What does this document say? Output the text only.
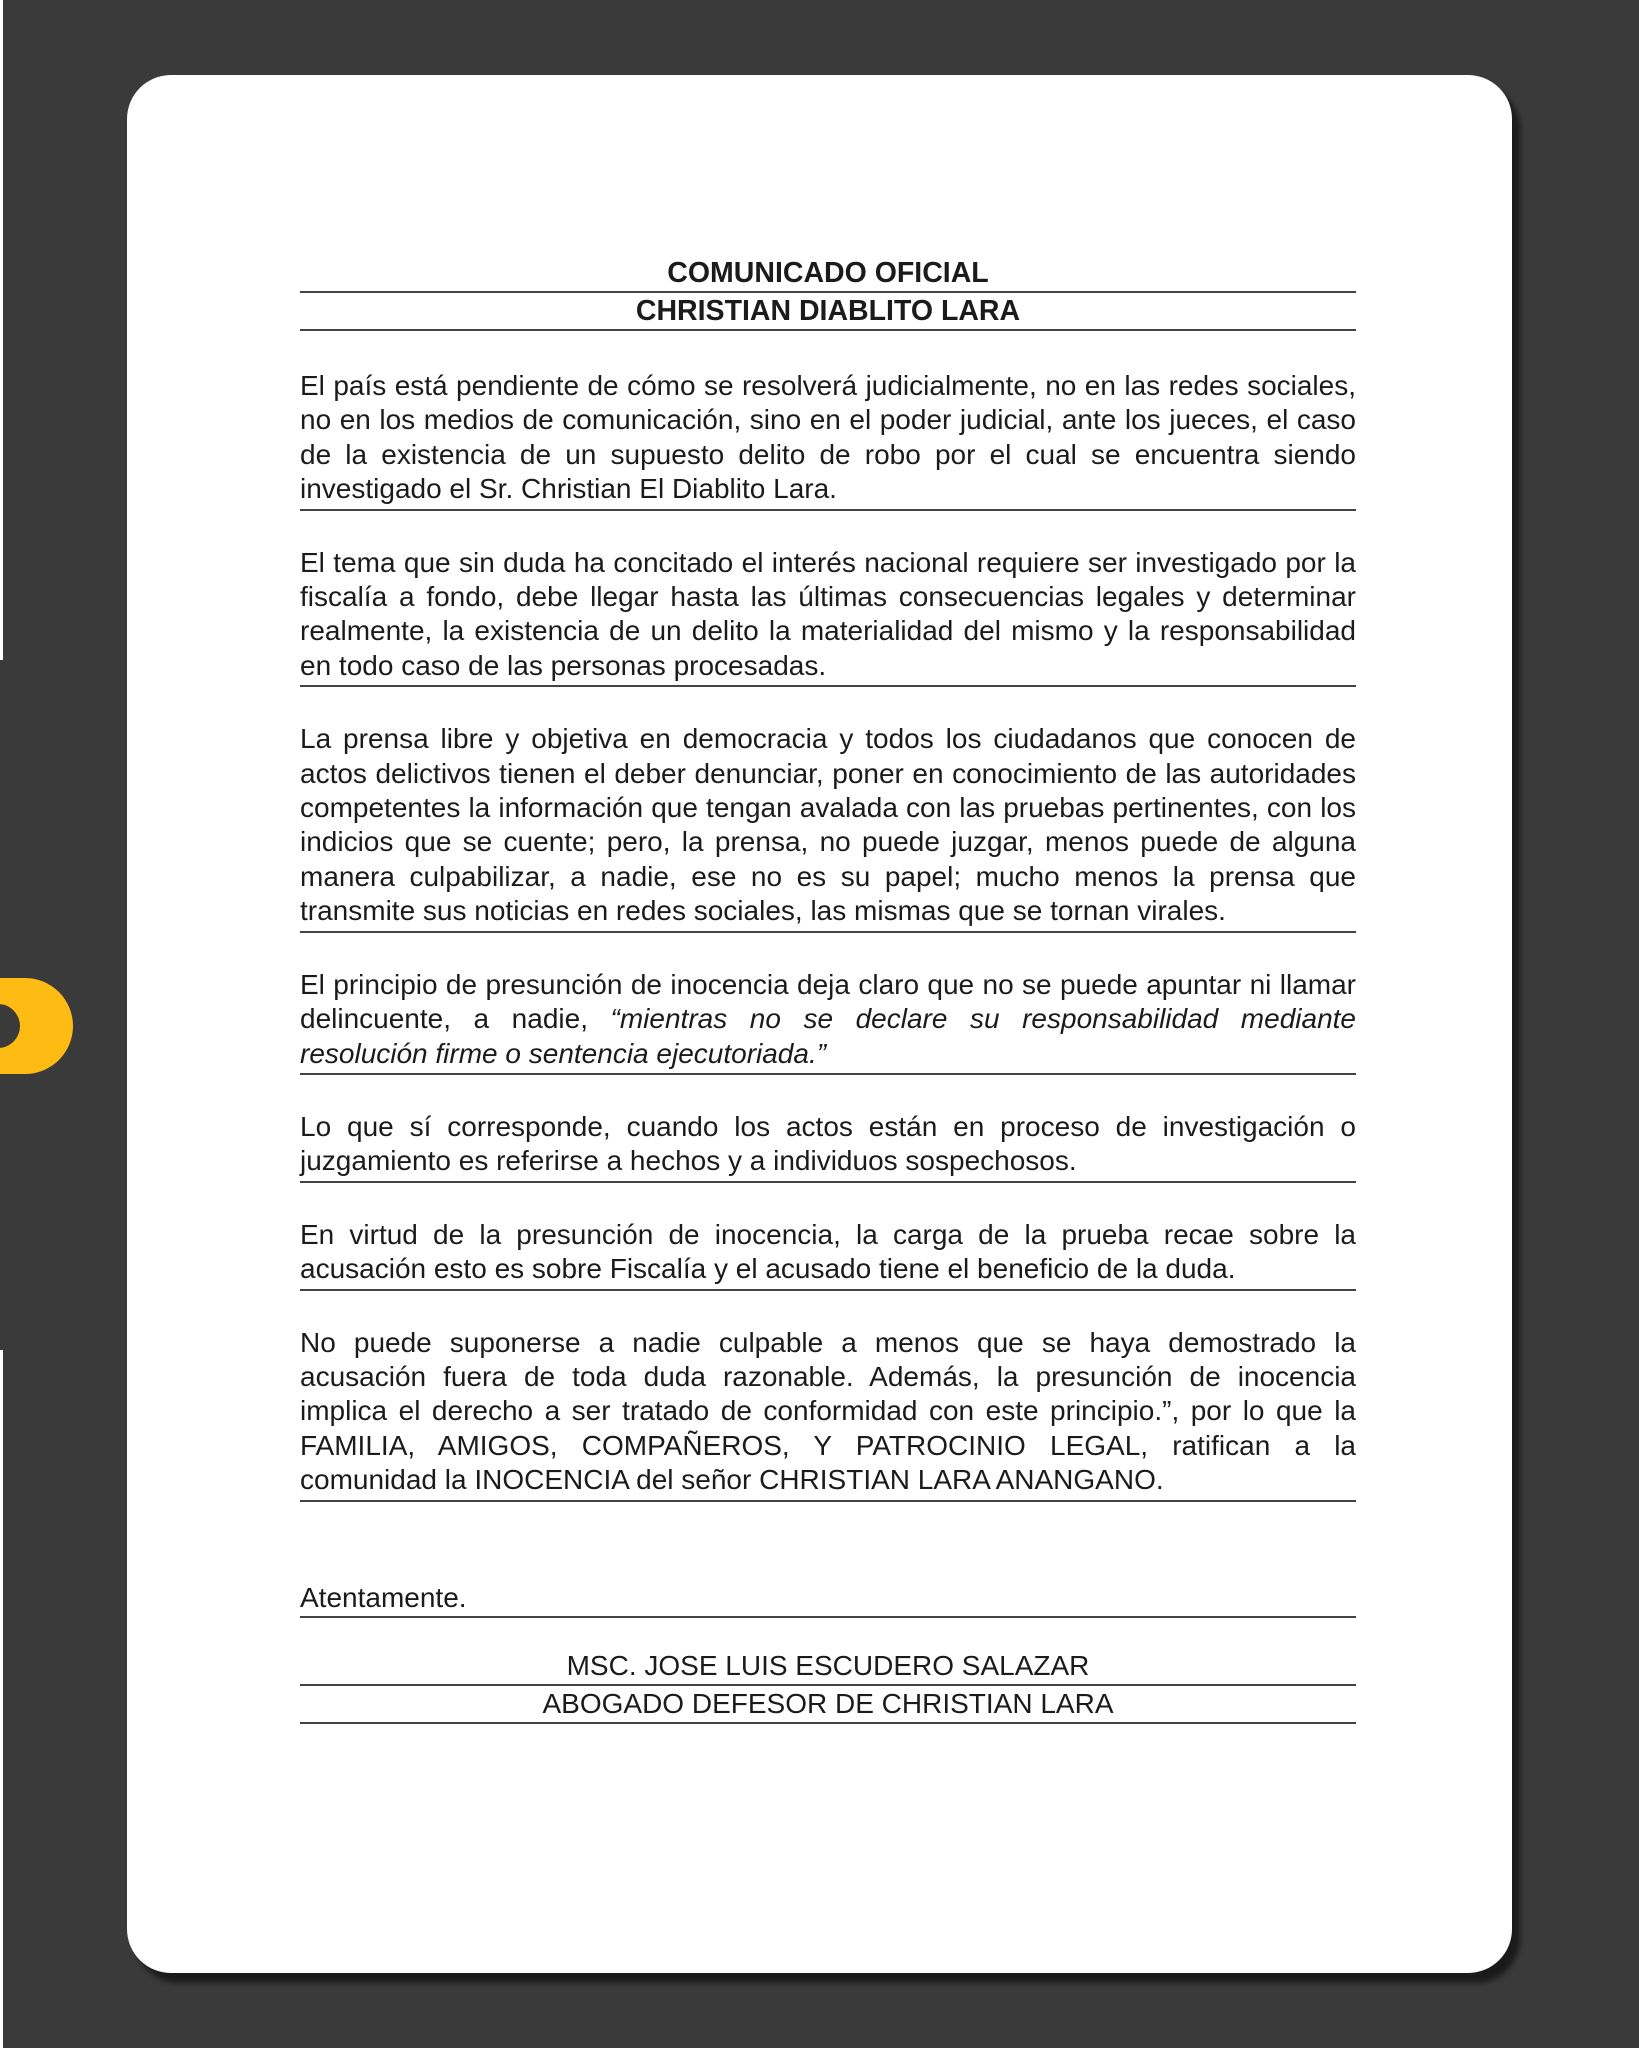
COMUNICADO OFICIAL
CHRISTIAN DIABLITO LARA
El país está pendiente de cómo se resolverá judicialmente, no en las redes sociales, no en los medios de comunicación, sino en el poder judicial, ante los jueces, el caso de la existencia de un supuesto delito de robo por el cual se encuentra siendo investigado el Sr. Christian El Diablito Lara.
El tema que sin duda ha concitado el interés nacional requiere ser investigado por la fiscalía a fondo, debe llegar hasta las últimas consecuencias legales y determinar realmente, la existencia de un delito la materialidad del mismo y la responsabilidad en todo caso de las personas procesadas.
La prensa libre y objetiva en democracia y todos los ciudadanos que conocen de actos delictivos tienen el deber denunciar, poner en conocimiento de las autoridades competentes la información que tengan avalada con las pruebas pertinentes, con los indicios que se cuente; pero, la prensa, no puede juzgar, menos puede de alguna manera culpabilizar, a nadie, ese no es su papel; mucho menos la prensa que transmite sus noticias en redes sociales, las mismas que se tornan virales.
El principio de presunción de inocencia deja claro que no se puede apuntar ni llamar delincuente, a nadie, “mientras no se declare su responsabilidad mediante resolución firme o sentencia ejecutoriada.”
Lo que sí corresponde, cuando los actos están en proceso de investigación o juzgamiento es referirse a hechos y a individuos sospechosos.
En virtud de la presunción de inocencia, la carga de la prueba recae sobre la acusación esto es sobre Fiscalía y el acusado tiene el beneficio de la duda.
No puede suponerse a nadie culpable a menos que se haya demostrado la acusación fuera de toda duda razonable. Además, la presunción de inocencia implica el derecho a ser tratado de conformidad con este principio.”, por lo que la FAMILIA, AMIGOS, COMPAÑEROS, Y PATROCINIO LEGAL, ratifican a la comunidad la INOCENCIA del señor CHRISTIAN LARA ANANGANO.
Atentamente.
MSC. JOSE LUIS ESCUDERO SALAZAR
ABOGADO DEFESOR DE CHRISTIAN LARA
